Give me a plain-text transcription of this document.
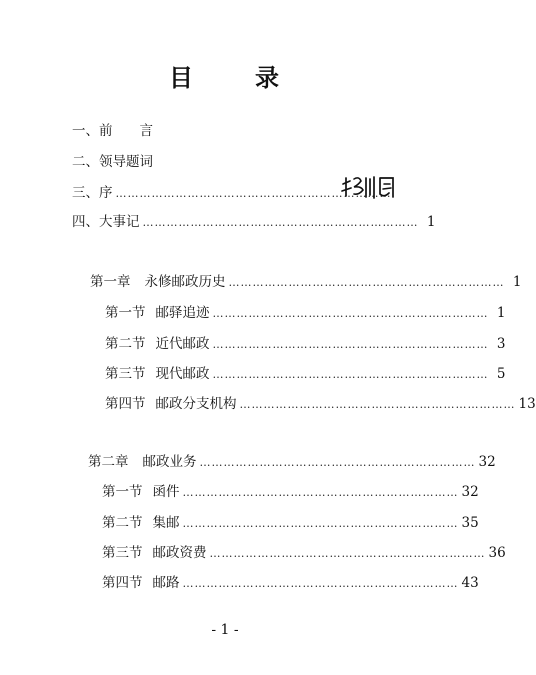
目	录
一、前　　言
二、领导题词
三、序 ……………………………………………………………
四、大事记 …………………………………………………………… 1
第一章 永修邮政历史 …………………………………………………………… 1
第一节 邮驿追迹 …………………………………………………………… 1
第二节 近代邮政 …………………………………………………………… 3
第三节 现代邮政 …………………………………………………………… 5
第四节 邮政分支机构 …………………………………………………………… 13
第二章 邮政业务 …………………………………………………………… 32
第一节 函件 …………………………………………………………… 32
第二节 集邮 …………………………………………………………… 35
第三节 邮政资费 …………………………………………………………… 36
第四节 邮路 …………………………………………………………… 43
- 1 -
